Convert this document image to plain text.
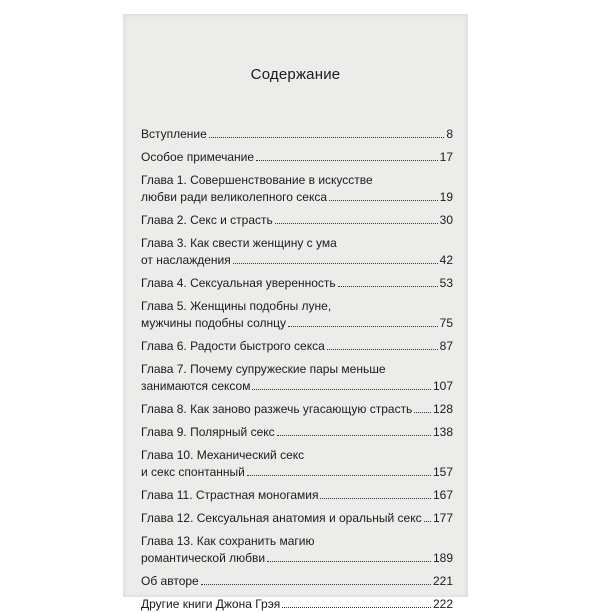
Содержание
Вступление	8
Особое примечание	17
Глава 1. Совершенствование в искусстве
любви ради великолепного секса	19
Глава 2. Секс и страсть	30
Глава 3. Как свести женщину с ума
от наслаждения	42
Глава 4. Сексуальная уверенность	53
Глава 5. Женщины подобны луне,
мужчины подобны солнцу	75
Глава 6. Радости быстрого секса	87
Глава 7. Почему супружеские пары меньше
занимаются сексом	107
Глава 8. Как заново разжечь угасающую страсть 128
Глава 9. Полярный секс	138
Глава 10. Механический секс
и секс спонтанный	157
Глава 11. Страстная моногамия	167
Глава 12. Сексуальная анатомия и оральный секс 177
Глава 13. Как сохранить магию
романтической любви	189
Об авторе	221
Другие книги Джона Грэя	222
